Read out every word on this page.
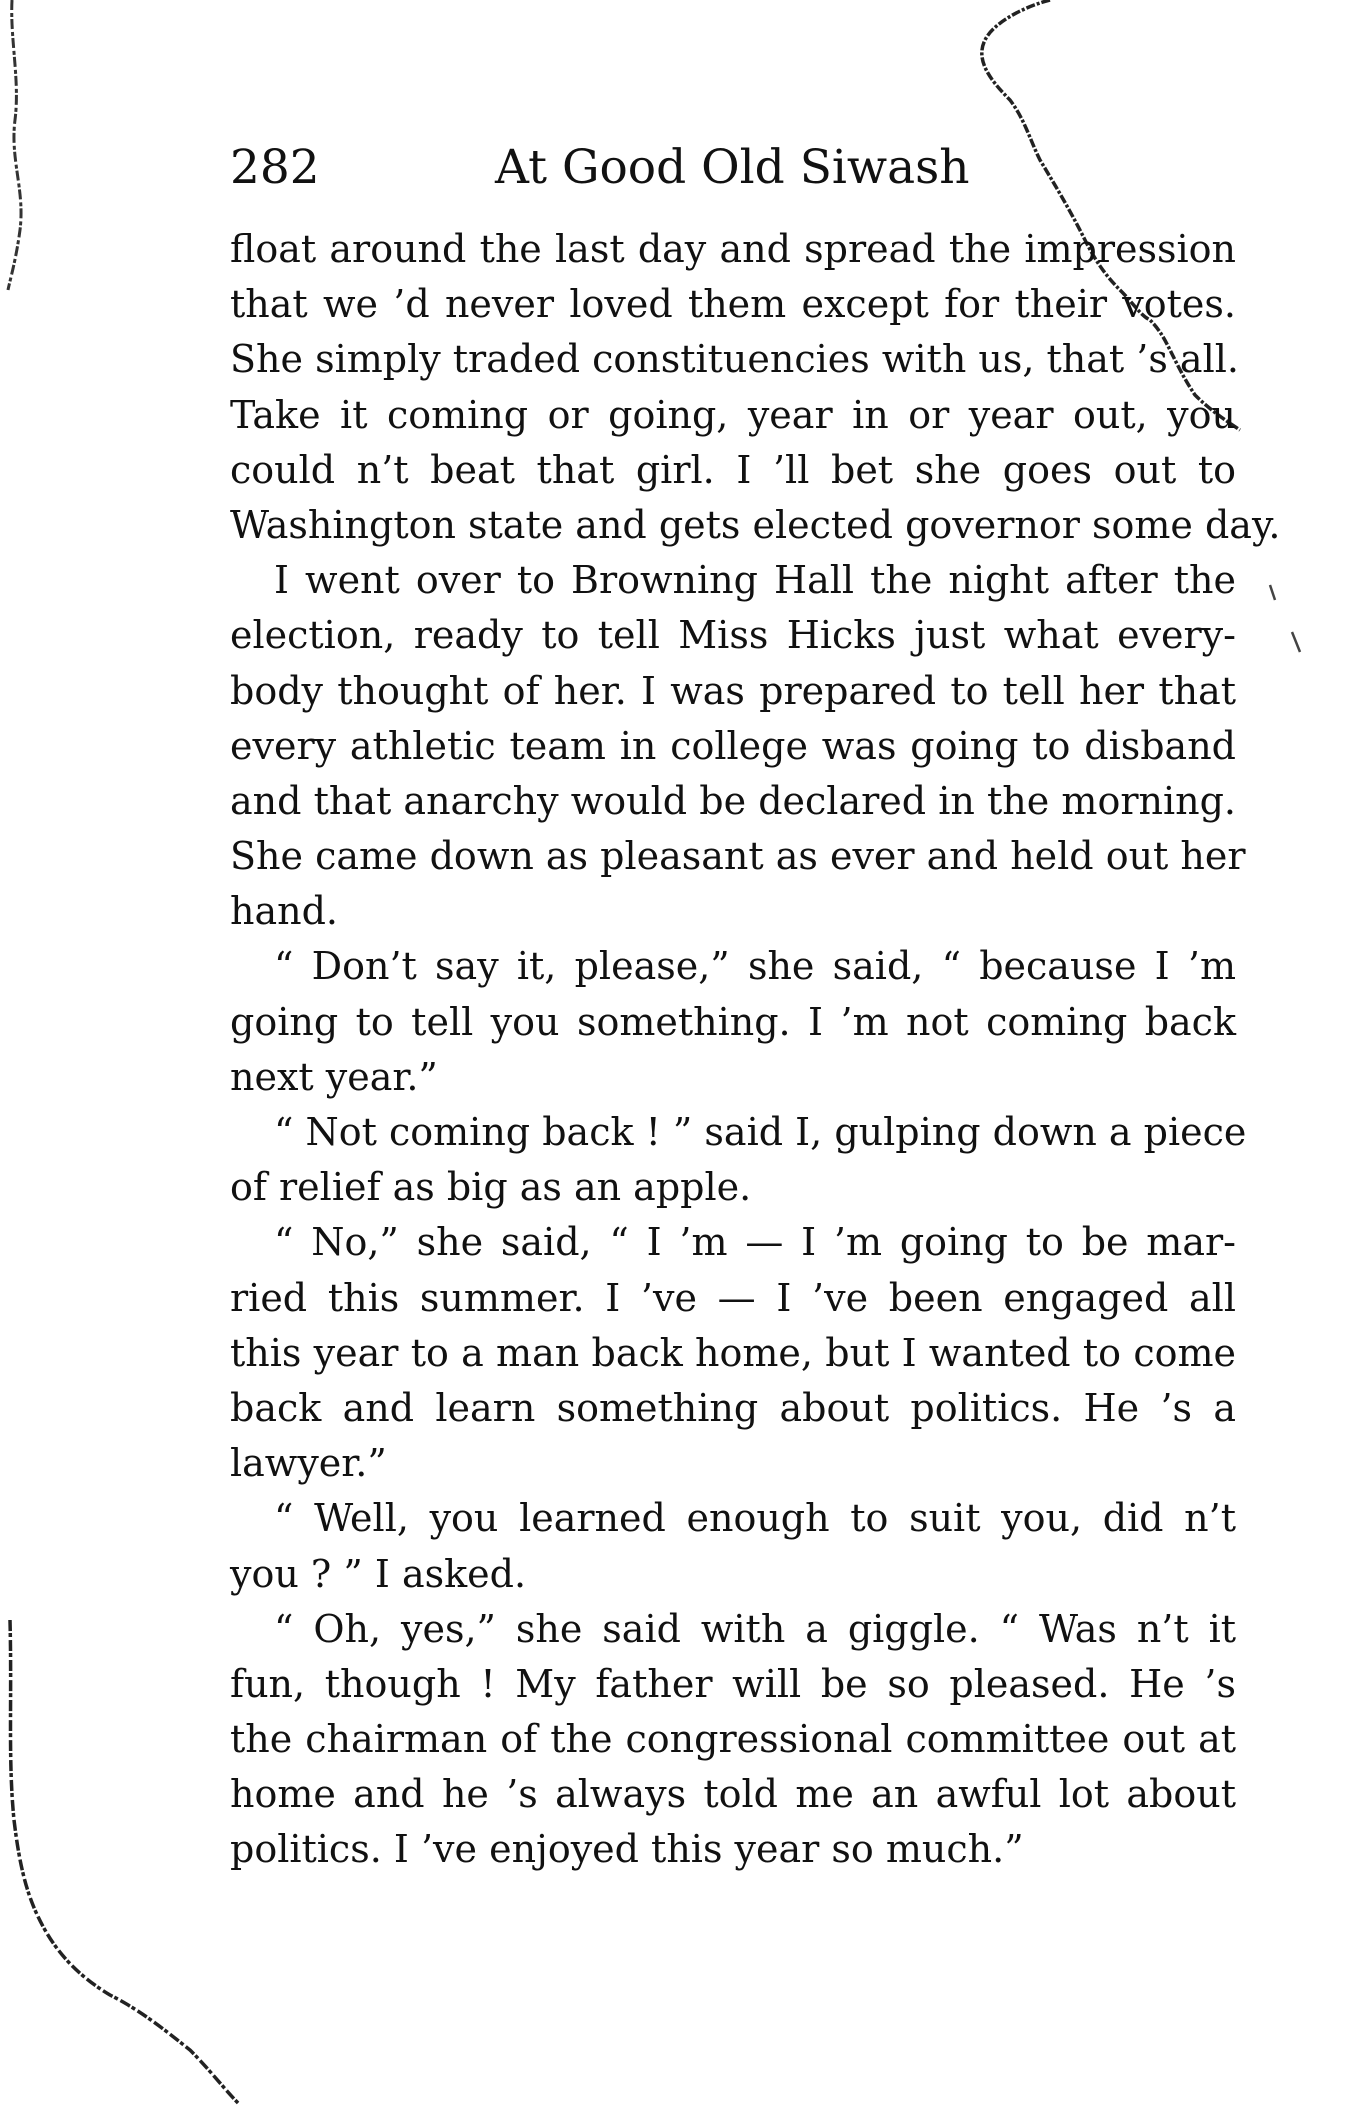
282	At Good Old Siwash

float around the last day and spread the impression
that we ’d never loved them except for their votes.
She simply traded constituencies with us, that ’s all.
Take it coming or going, year in or year out, you
could n’t beat that girl. I ’ll bet she goes out to
Washington state and gets elected governor some day.

I went over to Browning Hall the night after the
election, ready to tell Miss Hicks just what every-
body thought of her. I was prepared to tell her that
every athletic team in college was going to disband
and that anarchy would be declared in the morning.
She came down as pleasant as ever and held out her
hand.

“ Don’t say it, please,” she said, “ because I ’m
going to tell you something. I ’m not coming back
next year.”

“ Not coming back ! ” said I, gulping down a piece
of relief as big as an apple.

“ No,” she said, “ I ’m — I ’m going to be mar-
ried this summer. I ’ve — I ’ve been engaged all
this year to a man back home, but I wanted to come
back and learn something about politics. He ’s a
lawyer.”

“ Well, you learned enough to suit you, did n’t
you ? ” I asked.

“ Oh, yes,” she said with a giggle. “ Was n’t it
fun, though ! My father will be so pleased. He ’s
the chairman of the congressional committee out at
home and he ’s always told me an awful lot about
politics. I ’ve enjoyed this year so much.”
